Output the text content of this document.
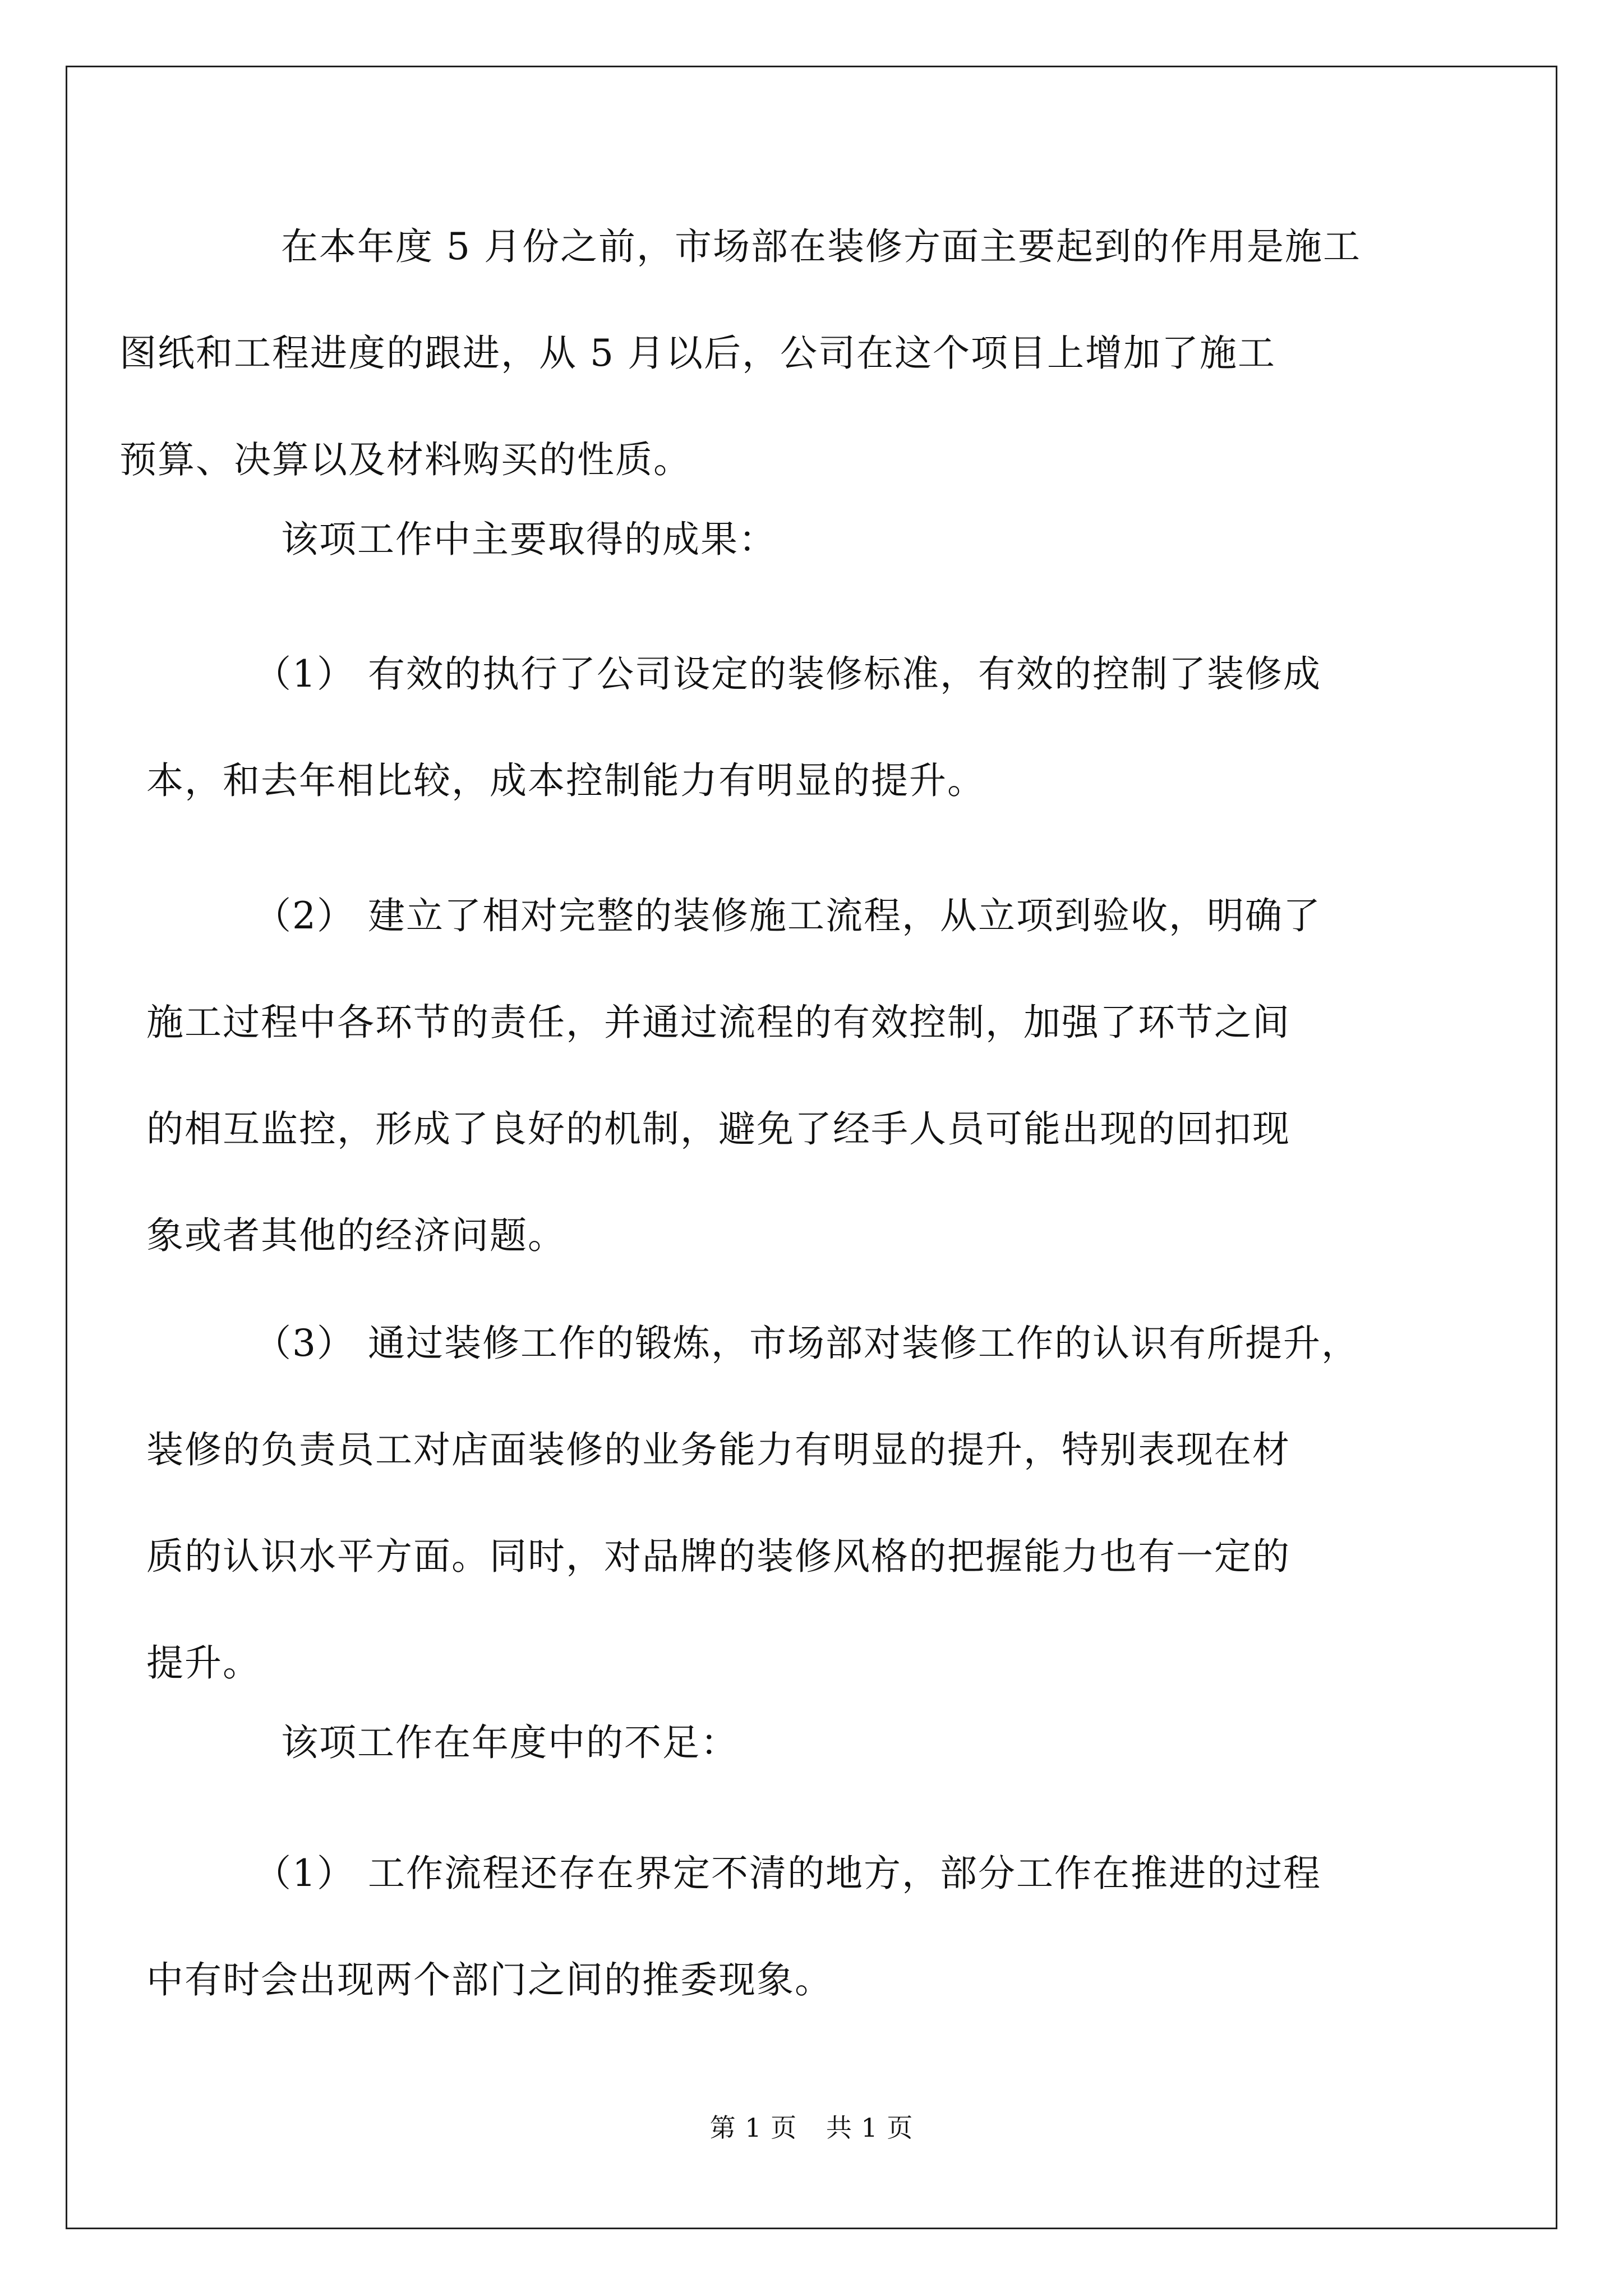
在本年度 5 月份之前，市场部在装修方面主要起到的作用是施工
图纸和工程进度的跟进，从 5 月以后，公司在这个项目上增加了施工
预算、决算以及材料购买的性质。

该项工作中主要取得的成果：

（1） 有效的执行了公司设定的装修标准，有效的控制了装修成
本，和去年相比较，成本控制能力有明显的提升。

（2） 建立了相对完整的装修施工流程，从立项到验收，明确了
施工过程中各环节的责任，并通过流程的有效控制，加强了环节之间
的相互监控，形成了良好的机制，避免了经手人员可能出现的回扣现
象或者其他的经济问题。

（3） 通过装修工作的锻炼，市场部对装修工作的认识有所提升，
装修的负责员工对店面装修的业务能力有明显的提升，特别表现在材
质的认识水平方面。同时，对品牌的装修风格的把握能力也有一定的
提升。

该项工作在年度中的不足：

（1） 工作流程还存在界定不清的地方，部分工作在推进的过程
中有时会出现两个部门之间的推委现象。

第 1 页 共 1 页
